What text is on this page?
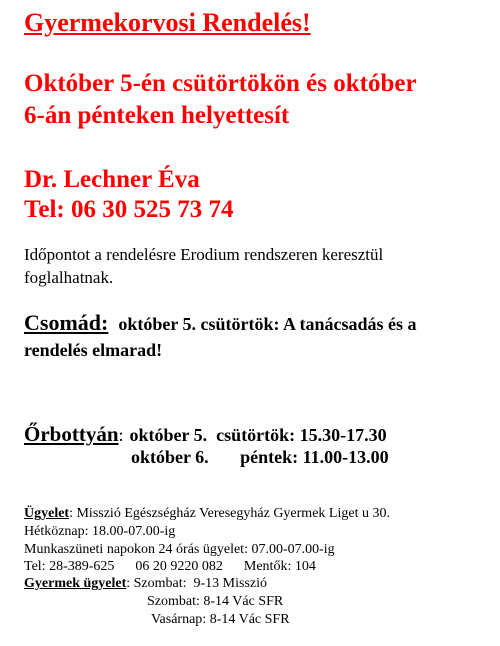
Gyermekorvosi Rendelés!
Október 5-én csütörtökön és október
6-án pénteken helyettesít
Dr. Lechner Éva
Tel: 06 30 525 73 74
Időpontot a rendelésre Erodium rendszeren keresztül
foglalhatnak.
Csomád: október 5. csütörtök: A tanácsadás és a
rendelés elmarad!
Őrbottyán: október 5.  csütörtök: 15.30-17.30
október 6.       péntek: 11.00-13.00
Ügyelet: Misszió Egészségház Veresegyház Gyermek Liget u 30.
Hétköznap: 18.00-07.00-ig
Munkaszüneti napokon 24 órás ügyelet: 07.00-07.00-ig
Tel: 28-389-625      06 20 9220 082      Mentők: 104
Gyermek ügyelet: Szombat:  9-13 Misszió
Szombat: 8-14 Vác SFR
Vasárnap: 8-14 Vác SFR
